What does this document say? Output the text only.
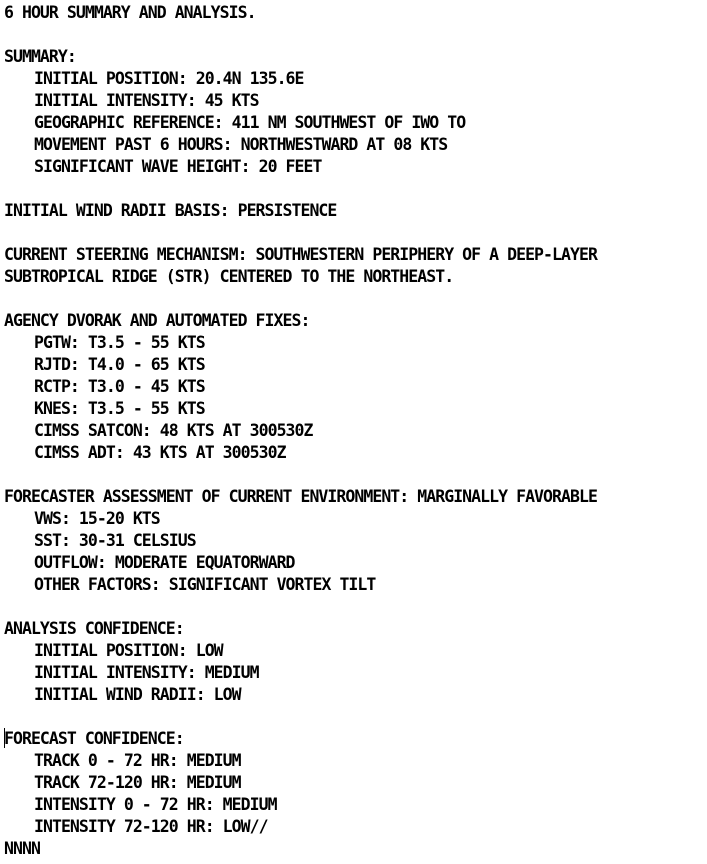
6 HOUR SUMMARY AND ANALYSIS.
SUMMARY:
INITIAL POSITION: 20.4N 135.6E
INITIAL INTENSITY: 45 KTS
GEOGRAPHIC REFERENCE: 411 NM SOUTHWEST OF IWO TO
MOVEMENT PAST 6 HOURS: NORTHWESTWARD AT 08 KTS
SIGNIFICANT WAVE HEIGHT: 20 FEET
INITIAL WIND RADII BASIS: PERSISTENCE
CURRENT STEERING MECHANISM: SOUTHWESTERN PERIPHERY OF A DEEP-LAYER
SUBTROPICAL RIDGE (STR) CENTERED TO THE NORTHEAST.
AGENCY DVORAK AND AUTOMATED FIXES:
PGTW: T3.5 - 55 KTS
RJTD: T4.0 - 65 KTS
RCTP: T3.0 - 45 KTS
KNES: T3.5 - 55 KTS
CIMSS SATCON: 48 KTS AT 300530Z
CIMSS ADT: 43 KTS AT 300530Z
FORECASTER ASSESSMENT OF CURRENT ENVIRONMENT: MARGINALLY FAVORABLE
VWS: 15-20 KTS
SST: 30-31 CELSIUS
OUTFLOW: MODERATE EQUATORWARD
OTHER FACTORS: SIGNIFICANT VORTEX TILT
ANALYSIS CONFIDENCE:
INITIAL POSITION: LOW
INITIAL INTENSITY: MEDIUM
INITIAL WIND RADII: LOW
FORECAST CONFIDENCE:
TRACK 0 - 72 HR: MEDIUM
TRACK 72-120 HR: MEDIUM
INTENSITY 0 - 72 HR: MEDIUM
INTENSITY 72-120 HR: LOW//
NNNN
